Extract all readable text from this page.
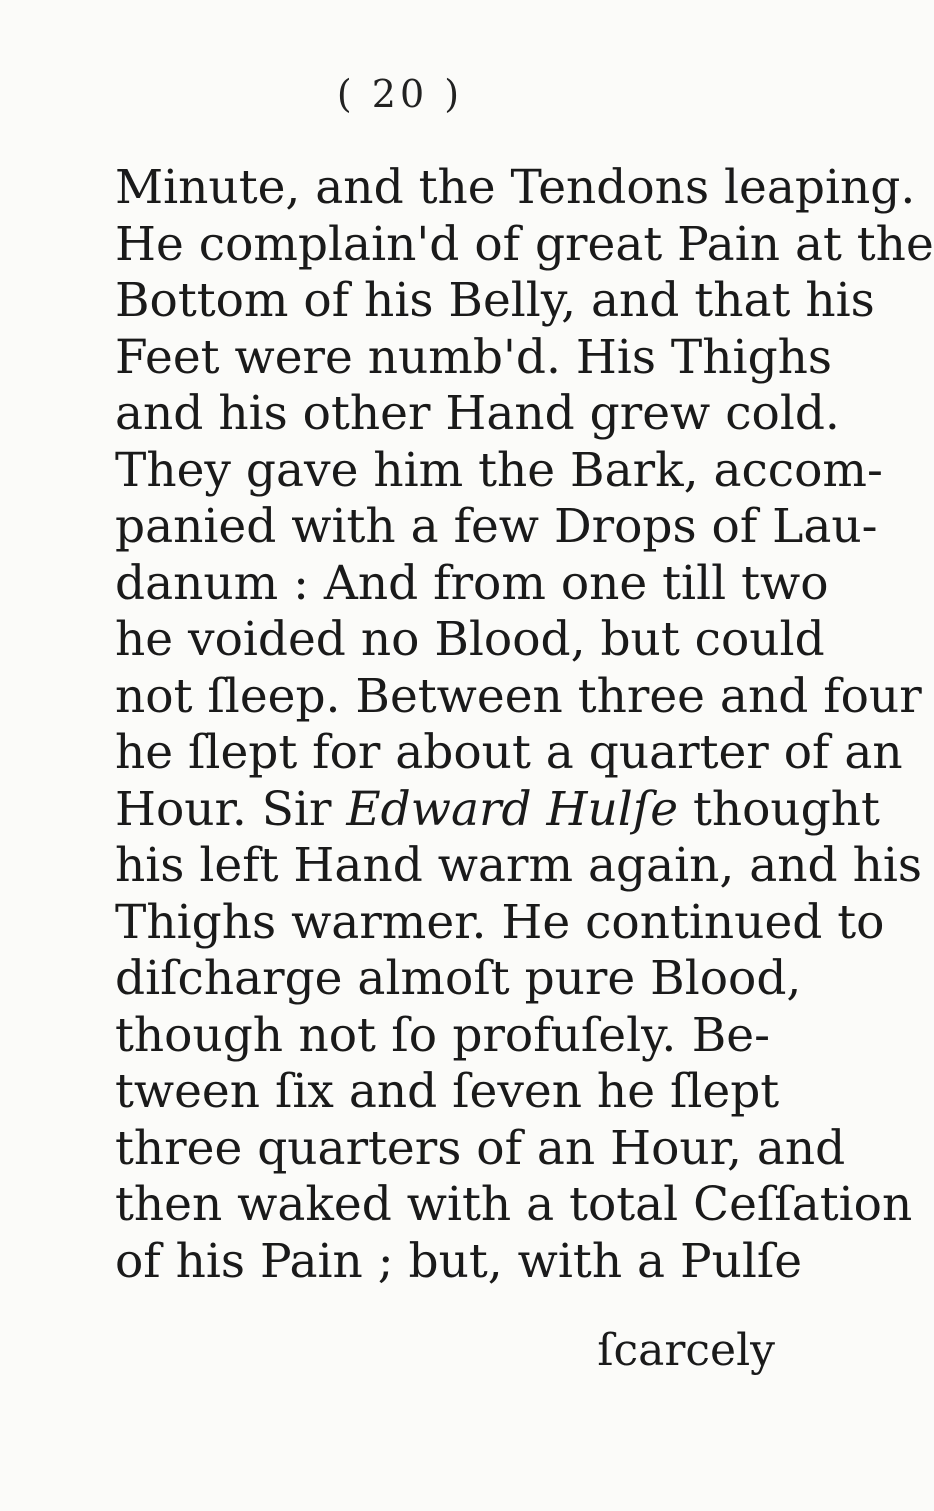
( 20 )
Minute, and the Tendons leaping.
He complain'd of great Pain at the
Bottom of his Belly, and that his
Feet were numb'd. His Thighs
and his other Hand grew cold.
They gave him the Bark, accom-
panied with a few Drops of Lau-
danum : And from one till two
he voided no Blood, but could
not ſleep. Between three and four
he ſlept for about a quarter of an
Hour. Sir Edward Hulſe thought
his left Hand warm again, and his
Thighs warmer. He continued to
diſcharge almoſt pure Blood,
though not ſo profuſely. Be-
tween ſix and ſeven he ſlept
three quarters of an Hour, and
then waked with a total Ceſſation
of his Pain ; but, with a Pulſe
ſcarcely
